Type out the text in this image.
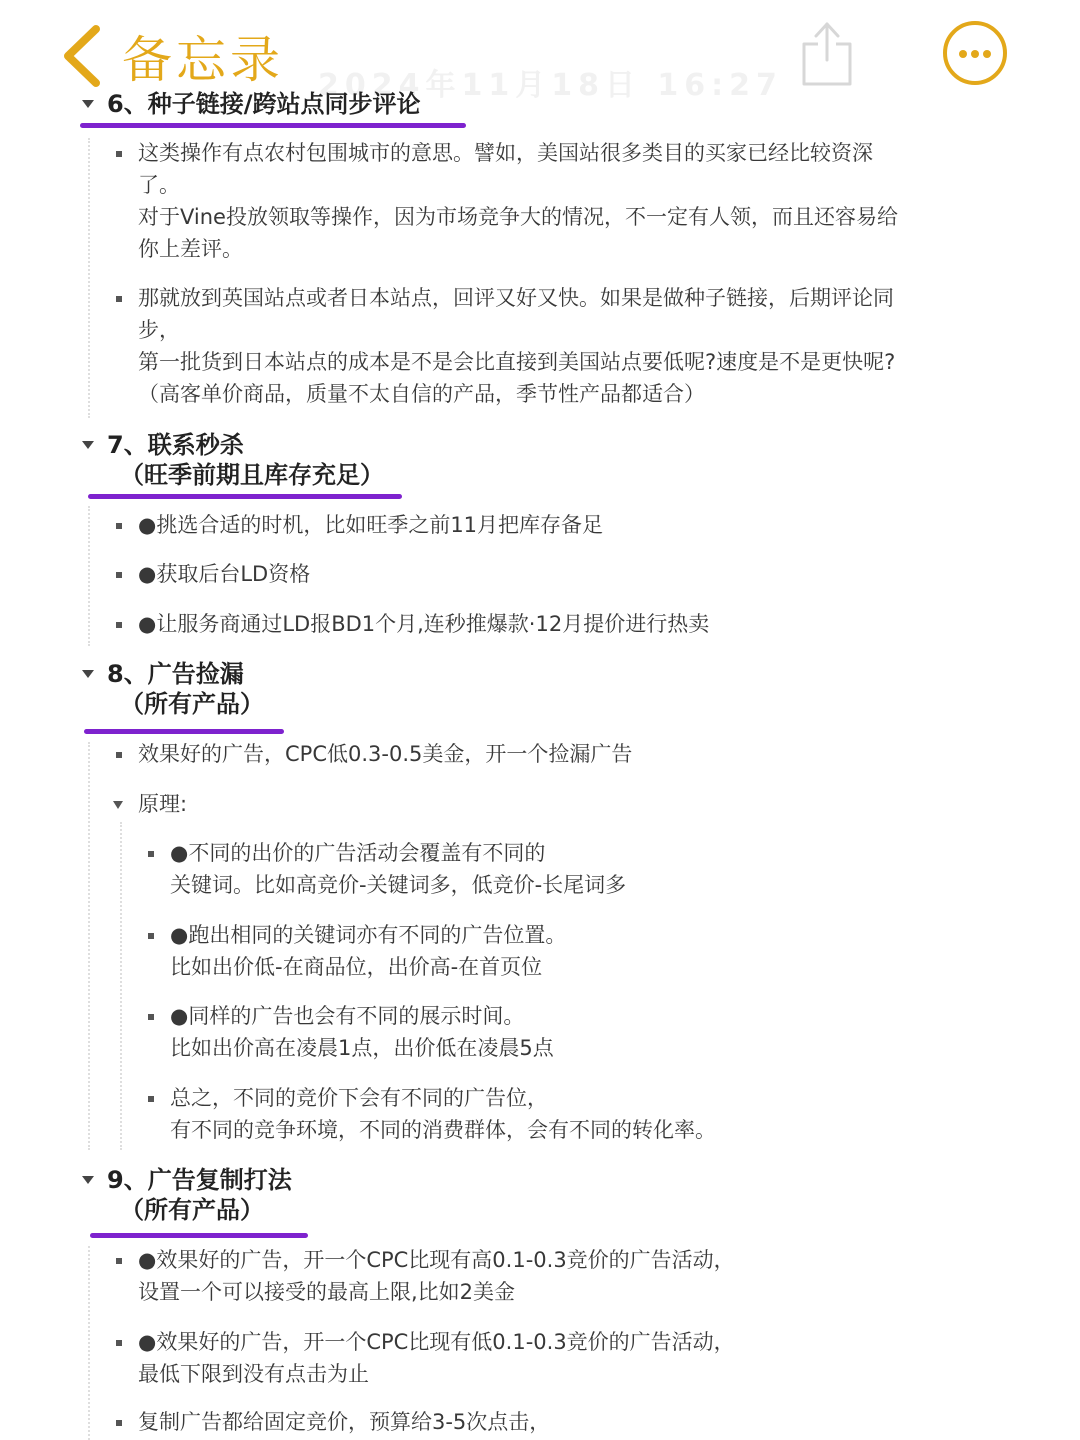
备忘录 2024年11月18日 16:27
6、种子链接/跨站点同步评论
这类操作有点农村包围城市的意思。譬如，美国站很多类目的买家已经比较资深
了。
对于Vine投放领取等操作，因为市场竞争大的情况，不一定有人领，而且还容易给
你上差评。
那就放到英国站点或者日本站点，回评又好又快。如果是做种子链接，后期评论同
步，
第一批货到日本站点的成本是不是会比直接到美国站点要低呢?速度是不是更快呢?
（高客单价商品，质量不太自信的产品，季节性产品都适合）
7、联系秒杀
（旺季前期且库存充足）
●挑选合适的时机，比如旺季之前11月把库存备足
●获取后台LD资格
●让服务商通过LD报BD1个月,连秒推爆款·12月提价进行热卖
8、广告捡漏
（所有产品）
效果好的广告，CPC低0.3-0.5美金，开一个捡漏广告
原理:
●不同的出价的广告活动会覆盖有不同的
关键词。比如高竞价-关键词多，低竞价-长尾词多
●跑出相同的关键词亦有不同的广告位置。
比如出价低-在商品位，出价高-在首页位
●同样的广告也会有不同的展示时间。
比如出价高在凌晨1点，出价低在凌晨5点
总之，不同的竞价下会有不同的广告位，
有不同的竞争环境，不同的消费群体，会有不同的转化率。
9、广告复制打法
（所有产品）
●效果好的广告，开一个CPC比现有高0.1-0.3竞价的广告活动，
设置一个可以接受的最高上限,比如2美金
●效果好的广告，开一个CPC比现有低0.1-0.3竞价的广告活动，
最低下限到没有点击为止
复制广告都给固定竞价，预算给3-5次点击，
